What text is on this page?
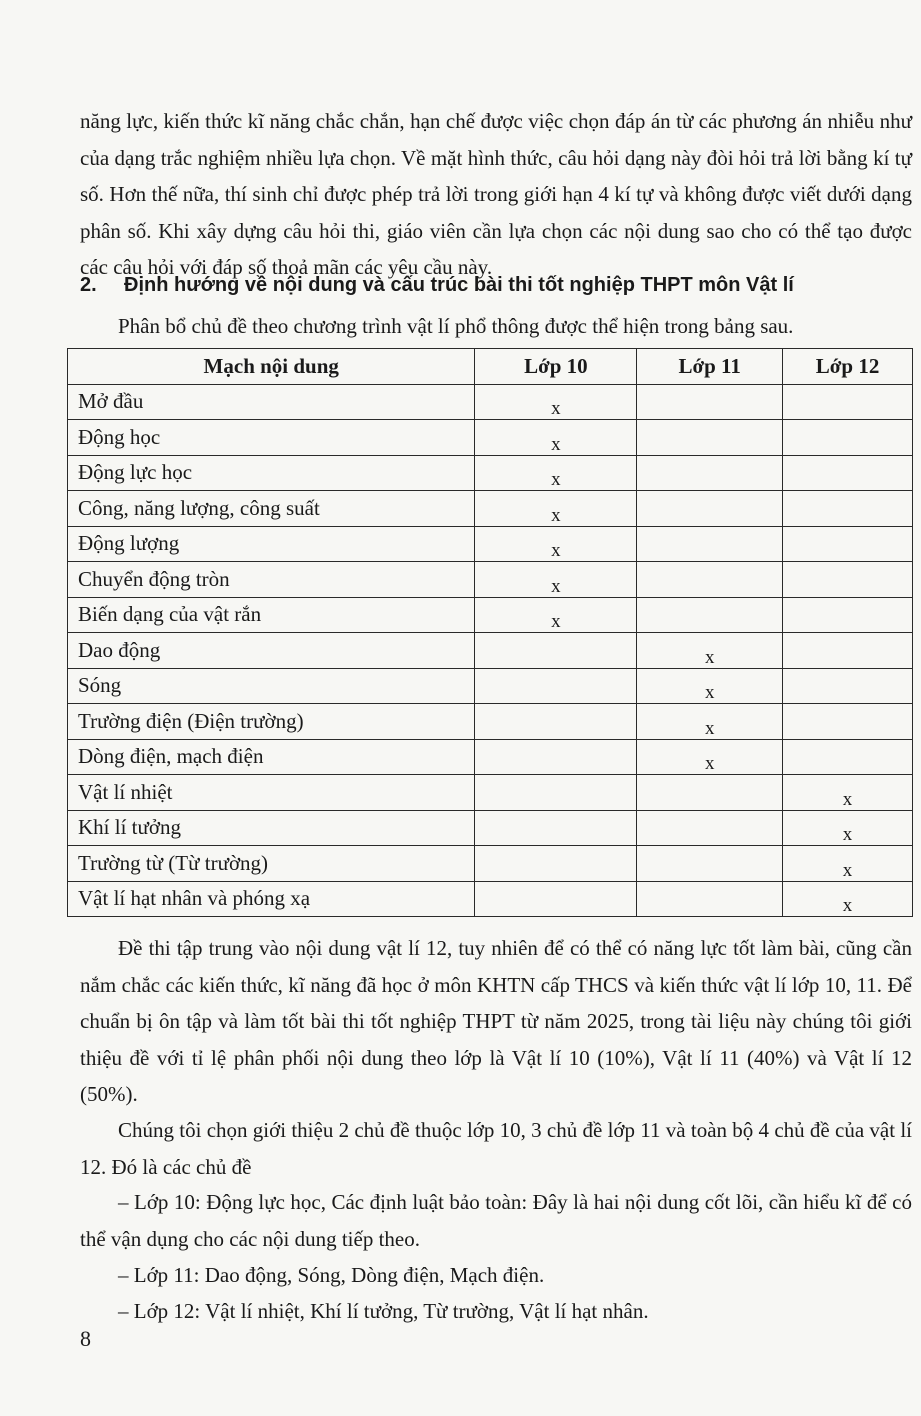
năng lực, kiến thức kĩ năng chắc chắn, hạn chế được việc chọn đáp án từ các phương án nhiễu như của dạng trắc nghiệm nhiều lựa chọn. Về mặt hình thức, câu hỏi dạng này đòi hỏi trả lời bằng kí tự số. Hơn thế nữa, thí sinh chỉ được phép trả lời trong giới hạn 4 kí tự và không được viết dưới dạng phân số. Khi xây dựng câu hỏi thi, giáo viên cần lựa chọn các nội dung sao cho có thể tạo được các câu hỏi với đáp số thoả mãn các yêu cầu này.

2. Định hướng về nội dung và cấu trúc bài thi tốt nghiệp THPT môn Vật lí

Phân bổ chủ đề theo chương trình vật lí phổ thông được thể hiện trong bảng sau.

Mạch nội dung	Lớp 10	Lớp 11	Lớp 12
Mở đầu	x		
Động học	x		
Động lực học	x		
Công, năng lượng, công suất	x		
Động lượng	x		
Chuyển động tròn	x		
Biến dạng của vật rắn	x		
Dao động		x	
Sóng		x	
Trường điện (Điện trường)		x	
Dòng điện, mạch điện		x	
Vật lí nhiệt			x
Khí lí tưởng			x
Trường từ (Từ trường)			x
Vật lí hạt nhân và phóng xạ			x

Đề thi tập trung vào nội dung vật lí 12, tuy nhiên để có thể có năng lực tốt làm bài, cũng cần nắm chắc các kiến thức, kĩ năng đã học ở môn KHTN cấp THCS và kiến thức vật lí lớp 10, 11. Để chuẩn bị ôn tập và làm tốt bài thi tốt nghiệp THPT từ năm 2025, trong tài liệu này chúng tôi giới thiệu đề với tỉ lệ phân phối nội dung theo lớp là Vật lí 10 (10%), Vật lí 11 (40%) và Vật lí 12 (50%).

Chúng tôi chọn giới thiệu 2 chủ đề thuộc lớp 10, 3 chủ đề lớp 11 và toàn bộ 4 chủ đề của vật lí 12. Đó là các chủ đề

– Lớp 10: Động lực học, Các định luật bảo toàn: Đây là hai nội dung cốt lõi, cần hiểu kĩ để có thể vận dụng cho các nội dung tiếp theo.

– Lớp 11: Dao động, Sóng, Dòng điện, Mạch điện.

– Lớp 12: Vật lí nhiệt, Khí lí tưởng, Từ trường, Vật lí hạt nhân.

8
